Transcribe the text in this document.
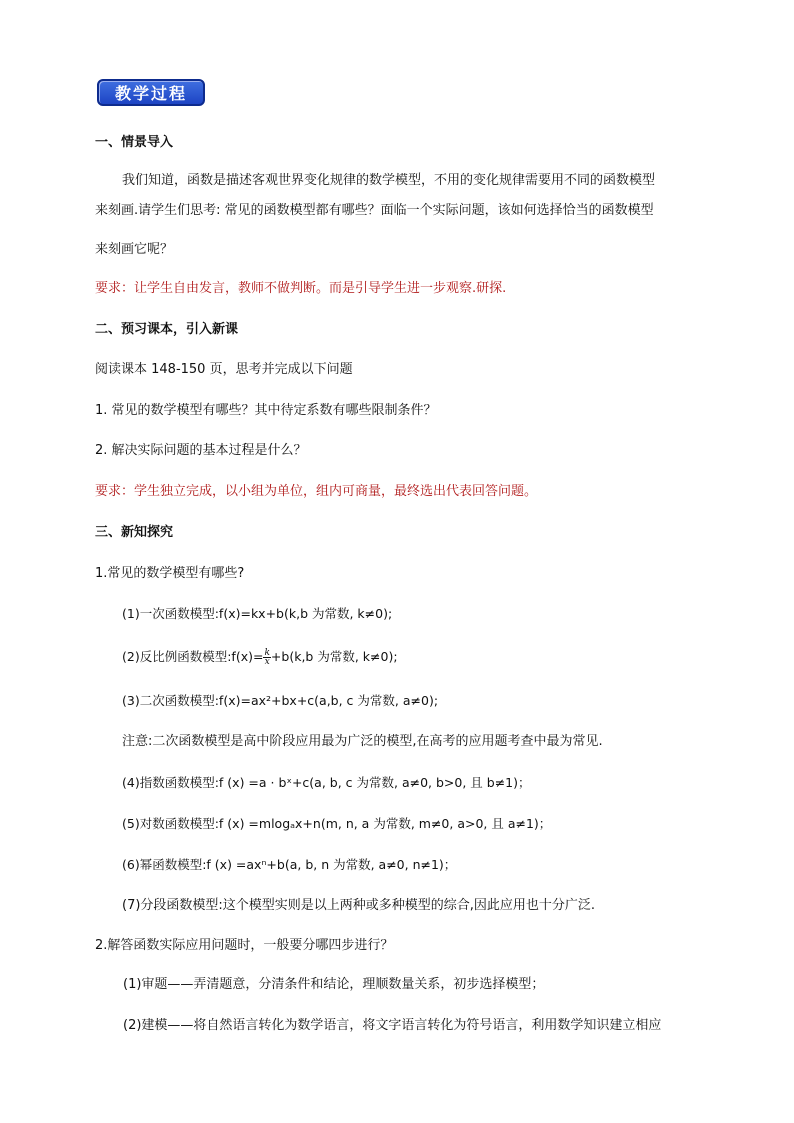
教学过程
一、情景导入
我们知道，函数是描述客观世界变化规律的数学模型，不用的变化规律需要用不同的函数模型
来刻画.请学生们思考: 常见的函数模型都有哪些？面临一个实际问题，该如何选择恰当的函数模型
来刻画它呢？
要求：让学生自由发言，教师不做判断。而是引导学生进一步观察.研探.
二、预习课本，引入新课
阅读课本 148-150 页，思考并完成以下问题
1. 常见的数学模型有哪些？其中待定系数有哪些限制条件？
2. 解决实际问题的基本过程是什么？
要求：学生独立完成，以小组为单位，组内可商量，最终选出代表回答问题。
三、新知探究
1.常见的数学模型有哪些?
(1)一次函数模型:f(x)=kx+b(k,b 为常数, k≠0);
(2)反比例函数模型:f(x)= $\frac{k}{x} +b(k,b$ 为常数, k≠0);
(3)二次函数模型:f(x)=ax²+bx+c(a,b, c 为常数, a≠0);
注意:二次函数模型是高中阶段应用最为广泛的模型,在高考的应用题考查中最为常见.
(4)指数函数模型:f (x) =a · bˣ+c(a, b, c 为常数, a≠0, b>0, 且 b≠1)；
(5)对数函数模型:f (x) =mlogₐx+n(m, n, a 为常数, m≠0, a>0, 且 a≠1)；
(6)幂函数模型:f (x) =axⁿ+b(a, b, n 为常数, a≠0, n≠1)；
(7)分段函数模型:这个模型实则是以上两种或多种模型的综合,因此应用也十分广泛.
2.解答函数实际应用问题时，一般要分哪四步进行？
(1)审题——弄清题意，分清条件和结论，理顺数量关系，初步选择模型；
(2)建模——将自然语言转化为数学语言，将文字语言转化为符号语言，利用数学知识建立相应
